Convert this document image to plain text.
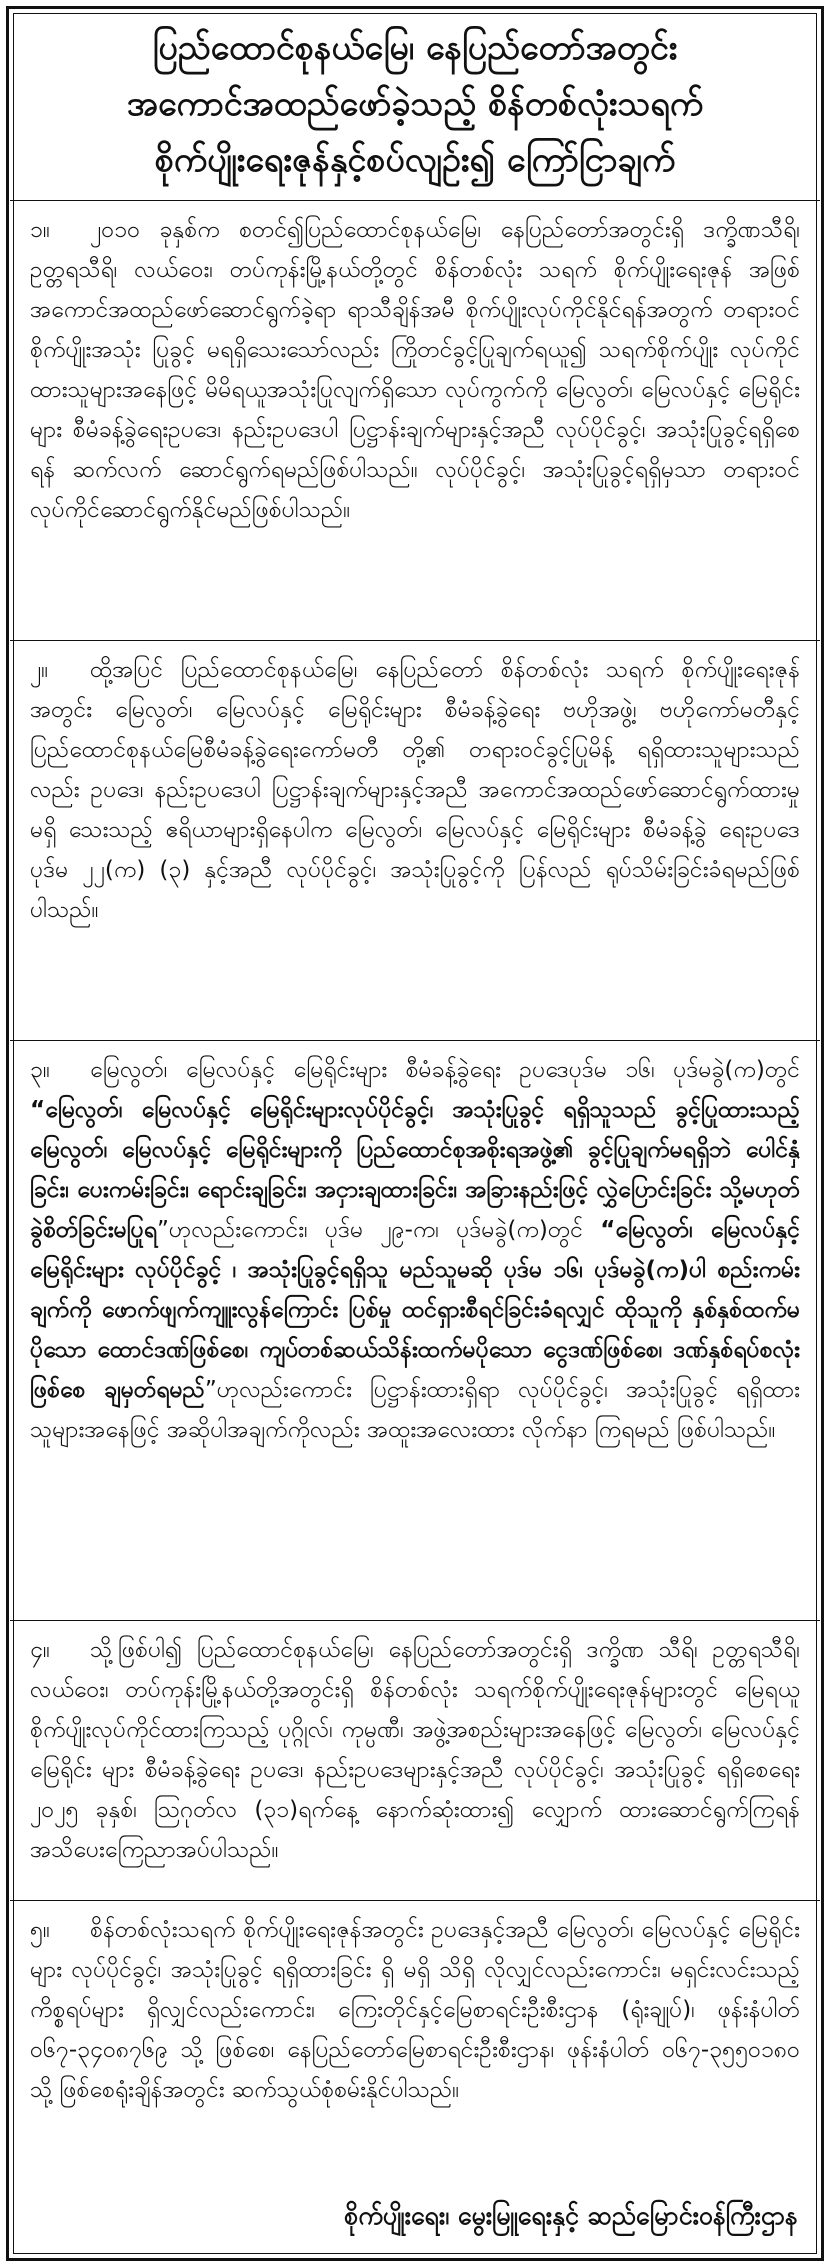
ပြည်ထောင်စုနယ်မြေ၊ နေပြည်တော်အတွင်း
အကောင်အထည်ဖော်ခဲ့သည့် စိန်တစ်လုံးသရက်
စိုက်ပျိုးရေးဇုန်နှင့်စပ်လျဉ်း၍ ကြော်ငြာချက်
၁။ ၂၀၁၀ ခုနှစ်က စတင်၍ပြည်ထောင်စုနယ်မြေ၊ နေပြည်တော်အတွင်းရှိ ဒက္ခိဏသီရိ၊ ဥတ္တရသီရိ၊ လယ်ဝေး၊ တပ်ကုန်းမြို့နယ်တို့တွင် စိန်တစ်လုံး သရက် စိုက်ပျိုးရေးဇုန် အဖြစ် အကောင်အထည်ဖော်ဆောင်ရွက်ခဲ့ရာ ရာသီချိန်အမီ စိုက်ပျိုးလုပ်ကိုင်နိုင်ရန်အတွက် တရားဝင် စိုက်ပျိုးအသုံး ပြုခွင့် မရရှိသေးသော်လည်း ကြိုတင်ခွင့်ပြုချက်ရယူ၍ သရက်စိုက်ပျိုး လုပ်ကိုင်ထားသူများအနေဖြင့် မိမိရယူအသုံးပြုလျက်ရှိသော လုပ်ကွက်ကို မြေလွတ်၊ မြေလပ်နှင့် မြေရိုင်းများ စီမံခန့်ခွဲရေးဥပဒေ၊ နည်းဥပဒေပါ ပြဋ္ဌာန်းချက်များနှင့်အညီ လုပ်ပိုင်ခွင့်၊ အသုံးပြုခွင့်ရရှိစေရန် ဆက်လက် ဆောင်ရွက်ရမည်ဖြစ်ပါသည်။ လုပ်ပိုင်ခွင့်၊ အသုံးပြုခွင့်ရရှိမှသာ တရားဝင် လုပ်ကိုင်ဆောင်ရွက်နိုင်မည်ဖြစ်ပါသည်။
၂။ ထို့အပြင် ပြည်ထောင်စုနယ်မြေ၊ နေပြည်တော် စိန်တစ်လုံး သရက် စိုက်ပျိုးရေးဇုန်အတွင်း မြေလွတ်၊ မြေလပ်နှင့် မြေရိုင်းများ စီမံခန့်ခွဲရေး ဗဟိုအဖွဲ့၊ ဗဟိုကော်မတီနှင့် ပြည်ထောင်စုနယ်မြေစီမံခန့်ခွဲရေးကော်မတီ တို့၏ တရားဝင်ခွင့်ပြုမိန့် ရရှိထားသူများသည်လည်း ဥပဒေ၊ နည်းဥပဒေပါ ပြဋ္ဌာန်းချက်များနှင့်အညီ အကောင်အထည်ဖော်ဆောင်ရွက်ထားမှု မရှိ သေးသည့် ဧရိယာများရှိနေပါက မြေလွတ်၊ မြေလပ်နှင့် မြေရိုင်းများ စီမံခန့်ခွဲ ရေးဥပဒေပုဒ်မ ၂၂(က) (၃) နှင့်အညီ လုပ်ပိုင်ခွင့်၊ အသုံးပြုခွင့်ကို ပြန်လည် ရုပ်သိမ်းခြင်းခံရမည်ဖြစ်ပါသည်။
၃။ မြေလွတ်၊ မြေလပ်နှင့် မြေရိုင်းများ စီမံခန့်ခွဲရေး ဥပဒေပုဒ်မ ၁၆၊ ပုဒ်မခွဲ(က)တွင် “မြေလွတ်၊ မြေလပ်နှင့် မြေရိုင်းများလုပ်ပိုင်ခွင့်၊ အသုံးပြုခွင့် ရရှိသူသည် ခွင့်ပြုထားသည့် မြေလွတ်၊ မြေလပ်နှင့် မြေရိုင်းများကို ပြည်ထောင်စုအစိုးရအဖွဲ့၏ ခွင့်ပြုချက်မရရှိဘဲ ပေါင်နှံခြင်း၊ ပေးကမ်းခြင်း၊ ရောင်းချခြင်း၊ အငှားချထားခြင်း၊ အခြားနည်းဖြင့် လွှဲပြောင်းခြင်း သို့မဟုတ် ခွဲစိတ်ခြင်းမပြုရ”ဟုလည်းကောင်း၊ ပုဒ်မ ၂၉-က၊ ပုဒ်မခွဲ(က)တွင် “မြေလွတ်၊ မြေလပ်နှင့် မြေရိုင်းများ လုပ်ပိုင်ခွင့် ၊ အသုံးပြုခွင့်ရရှိသူ မည်သူမဆို ပုဒ်မ ၁၆၊ ပုဒ်မခွဲ(က)ပါ စည်းကမ်းချက်ကို ဖောက်ဖျက်ကျူးလွန်ကြောင်း ပြစ်မှု ထင်ရှားစီရင်ခြင်းခံရလျှင် ထိုသူကို နှစ်နှစ်ထက်မပိုသော ထောင်ဒဏ်ဖြစ်စေ၊ ကျပ်တစ်ဆယ်သိန်းထက်မပိုသော ငွေဒဏ်ဖြစ်စေ၊ ဒဏ်နှစ်ရပ်စလုံးဖြစ်စေ ချမှတ်ရမည်”ဟုလည်းကောင်း ပြဋ္ဌာန်းထားရှိရာ လုပ်ပိုင်ခွင့်၊ အသုံးပြုခွင့် ရရှိထားသူများအနေဖြင့် အဆိုပါအချက်ကိုလည်း အထူးအလေးထား လိုက်နာ ကြရမည် ဖြစ်ပါသည်။
၄။ သို့ဖြစ်ပါ၍ ပြည်ထောင်စုနယ်မြေ၊ နေပြည်တော်အတွင်းရှိ ဒက္ခိဏ သီရိ၊ ဥတ္တရသီရိ၊ လယ်ဝေး၊ တပ်ကုန်းမြို့နယ်တို့အတွင်းရှိ စိန်တစ်လုံး သရက်စိုက်ပျိုးရေးဇုန်များတွင် မြေရယူ စိုက်ပျိုးလုပ်ကိုင်ထားကြသည့် ပုဂ္ဂိုလ်၊ ကုမ္ပဏီ၊ အဖွဲ့အစည်းများအနေဖြင့် မြေလွတ်၊ မြေလပ်နှင့် မြေရိုင်း များ စီမံခန့်ခွဲရေး ဥပဒေ၊ နည်းဥပဒေများနှင့်အညီ လုပ်ပိုင်ခွင့်၊ အသုံးပြုခွင့် ရရှိစေရေး ၂၀၂၅ ခုနှစ်၊ ဩဂုတ်လ (၃၁)ရက်နေ့ နောက်ဆုံးထား၍ လျှောက် ထားဆောင်ရွက်ကြရန် အသိပေးကြေညာအပ်ပါသည်။
၅။ စိန်တစ်လုံးသရက် စိုက်ပျိုးရေးဇုန်အတွင်း ဥပဒေနှင့်အညီ မြေလွတ်၊ မြေလပ်နှင့် မြေရိုင်းများ လုပ်ပိုင်ခွင့်၊ အသုံးပြုခွင့် ရရှိထားခြင်း ရှိ မရှိ သိရှိ လိုလျှင်လည်းကောင်း၊ မရှင်းလင်းသည့် ကိစ္စရပ်များ ရှိလျှင်လည်းကောင်း၊ ကြေးတိုင်နှင့်မြေစာရင်းဦးစီးဌာန (ရုံးချုပ်)၊ ဖုန်းနံပါတ် ၀၆၇-၃၄၀၈၇၆၉ သို့ ဖြစ်စေ၊ နေပြည်တော်မြေစာရင်းဦးစီးဌာန၊ ဖုန်းနံပါတ် ၀၆၇-၃၅၅၀၁၈၀ သို့ ဖြစ်စေရုံးချိန်အတွင်း ဆက်သွယ်စုံစမ်းနိုင်ပါသည်။
စိုက်ပျိုးရေး၊ မွေးမြူရေးနှင့် ဆည်မြောင်းဝန်ကြီးဌာန
